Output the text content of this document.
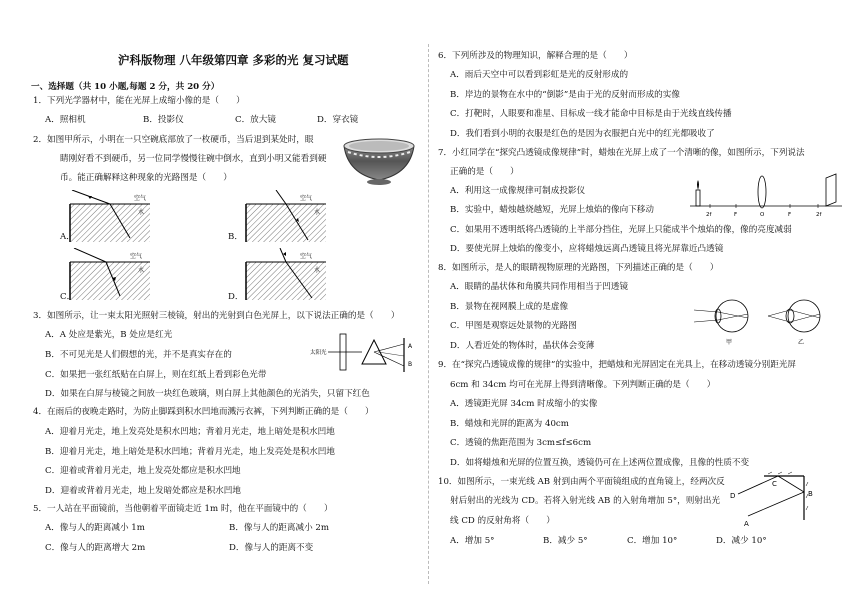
沪科版物理 八年级第四章 多彩的光 复习试题
一、选择题（共 10 小题,每题 2 分，共 20 分）
1．下列光学器材中，能在光屏上成缩小像的是（　　）
A．照相机	B．投影仪	C．放大镜	D．穿衣镜
2．如图甲所示，小明在一只空碗底部放了一枚硬币，当后退到某处时，眼
睛刚好看不到硬币，另一位同学慢慢往碗中倒水，直到小明又能看到硬
币。能正确解释这种现象的光路图是（　　）
空气
水
A．
空气
水
B．
空气
水
C．
空气
水
D．
3．如图所示，让一束太阳光照射三棱镜，射出的光射到白色光屏上，以下说法正确的是（　　）
A．A 处应是紫光，B 处应是红光
B．不可见光是人们假想的光，并不是真实存在的
C．如果把一张红纸贴在白屏上，则在红纸上看到彩色光带
D．如果在白屏与棱镜之间放一块红色玻璃，则白屏上其他颜色的光消失，只留下红色
太阳光
A
B
4．在雨后的夜晚走路时，为防止脚踩到积水凹地而溅污衣裤，下列判断正确的是（　　）
A．迎着月光走，地上发亮处是积水凹地；背着月光走，地上暗处是积水凹地
B．迎着月光走，地上暗处是积水凹地；背着月光走，地上发亮处是积水凹地
C．迎着或背着月光走，地上发亮处都应是积水凹地
D．迎着或背着月光走，地上发暗处都应是积水凹地
5．一人站在平面镜前，当他朝着平面镜走近 1m 时，他在平面镜中的（　　）
A．像与人的距离减小 1m	B．像与人的距离减小 2m
C．像与人的距离增大 2m	D．像与人的距离不变
6．下列所涉及的物理知识，解释合理的是（　　）
A．雨后天空中可以看到彩虹是光的反射形成的
B．岸边的景物在水中的“倒影”是由于光的反射而形成的实像
C．打靶时，人眼要和准星、目标成一线才能命中目标是由于光线直线传播
D．我们看到小明的衣服是红色的是因为衣服把白光中的红光都吸收了
7．小红同学在“探究凸透镜成像规律”时，蜡烛在光屏上成了一个清晰的像，如图所示，下列说法
正确的是（　　）
A．利用这一成像规律可制成投影仪
B．实验中，蜡烛越烧越短，光屏上烛焰的像向下移动
C．如果用不透明纸将凸透镜的上半部分挡住，光屏上只能成半个烛焰的像，像的亮度减弱
D．要使光屏上烛焰的像变小，应将蜡烛远离凸透镜且将光屏靠近凸透镜
2f	F	O	F	2f
8．如图所示，是人的眼睛视物原理的光路图，下列描述正确的是（　　）
A．眼睛的晶状体和角膜共同作用相当于凹透镜
B．景物在视网膜上成的是虚像
C．甲图是观察远处景物的光路图
D．人看近处的物体时，晶状体会变薄	甲	乙
9．在“探究凸透镜成像的规律”的实验中，把蜡烛和光屏固定在光具上，在移动透镜分别距光屏
6cm 和 34cm 均可在光屏上得到清晰像。下列判断正确的是（　　）
A．透镜距光屏 34cm 时成缩小的实像
B．蜡烛和光屏的距离为 40cm
C．透镜的焦距范围为 3cm≤f≤6cm
D．如将蜡烛和光屏的位置互换，透镜仍可在上述两位置成像，且像的性质不变
10．如图所示，一束光线 AB 射到由两个平面镜组成的直角镜上，经两次反
射后射出的光线为 CD。若将入射光线 AB 的入射角增加 5°，则射出光
线 CD 的反射角将（　　）
A．增加 5°	B．减少 5°	C．增加 10°	D．减少 10°
C
D	B
A
